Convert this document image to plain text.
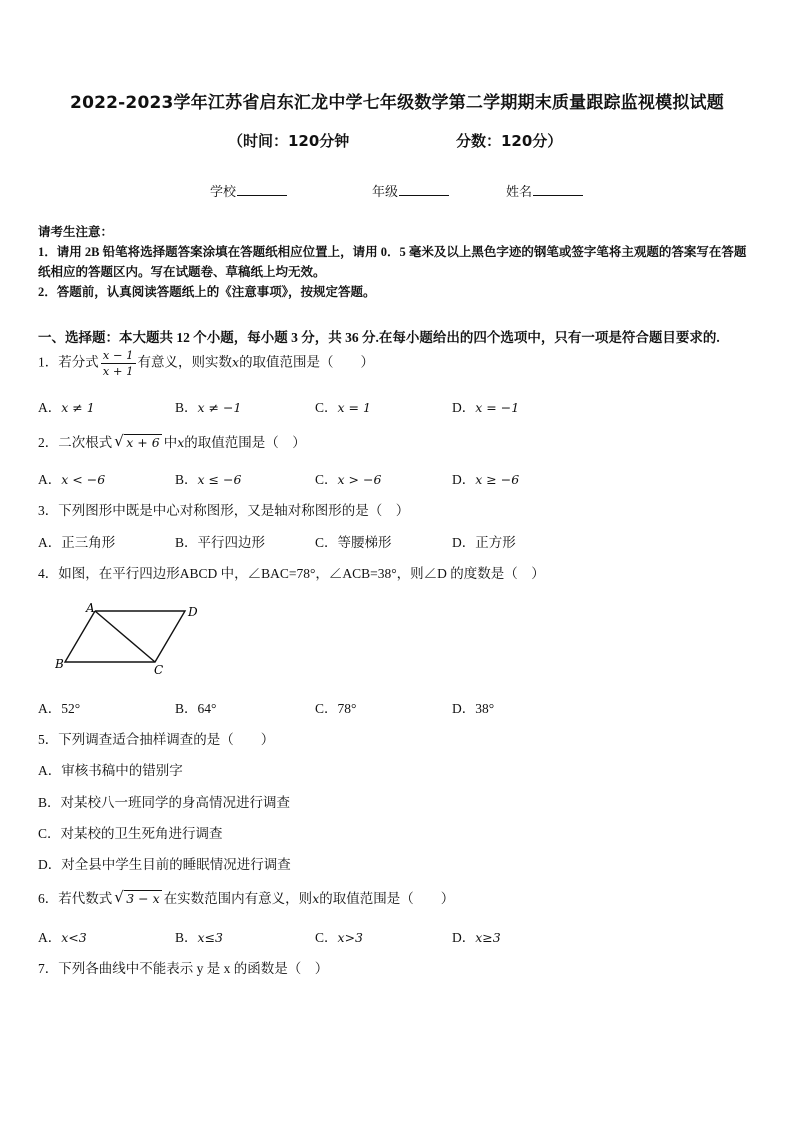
2022-2023学年江苏省启东汇龙中学七年级数学第二学期期末质量跟踪监视模拟试题
（时间：120分钟	分数：120分）
学校	年级	姓名
请考生注意：
1．请用 2B 铅笔将选择题答案涂填在答题纸相应位置上，请用 0．5 毫米及以上黑色字迹的钢笔或签字笔将主观题的答案写在答题纸相应的答题区内。写在试题卷、草稿纸上均无效。
2．答题前，认真阅读答题纸上的《注意事项》，按规定答题。
一、选择题：本大题共 12 个小题，每小题 3 分，共 36 分.在每小题给出的四个选项中，只有一项是符合题目要求的.
1．若分式 $\frac{x - 1}{x + 1}$ 有意义，则实数x的取值范围是（　　）
A．x ≠ 1	B．x ≠ −1	C．x = 1	D．x = −1
2．二次根式 √ x + 6 中x的取值范围是（　）
A．x < −6	B．x ≤ −6	C．x > −6	D．x ≥ −6
3．下列图形中既是中心对称图形，又是轴对称图形的是（　）
A．正三角形	B．平行四边形	C．等腰梯形	D．正方形
4．如图，在平行四边形ABCD 中，∠BAC=78°，∠ACB=38°，则∠D 的度数是（　）
A	D
B	C
A．52°	B．64°	C．78°	D．38°
5．下列调查适合抽样调查的是（　　）
A．审核书稿中的错别字
B．对某校八一班同学的身高情况进行调查
C．对某校的卫生死角进行调查
D．对全县中学生目前的睡眠情况进行调查
6．若代数式 √ 3 − x 在实数范围内有意义，则x的取值范围是（　　）
A．x<3	B．x≤3	C．x>3	D．x≥3
7．下列各曲线中不能表示 y 是 x 的函数是（　）
